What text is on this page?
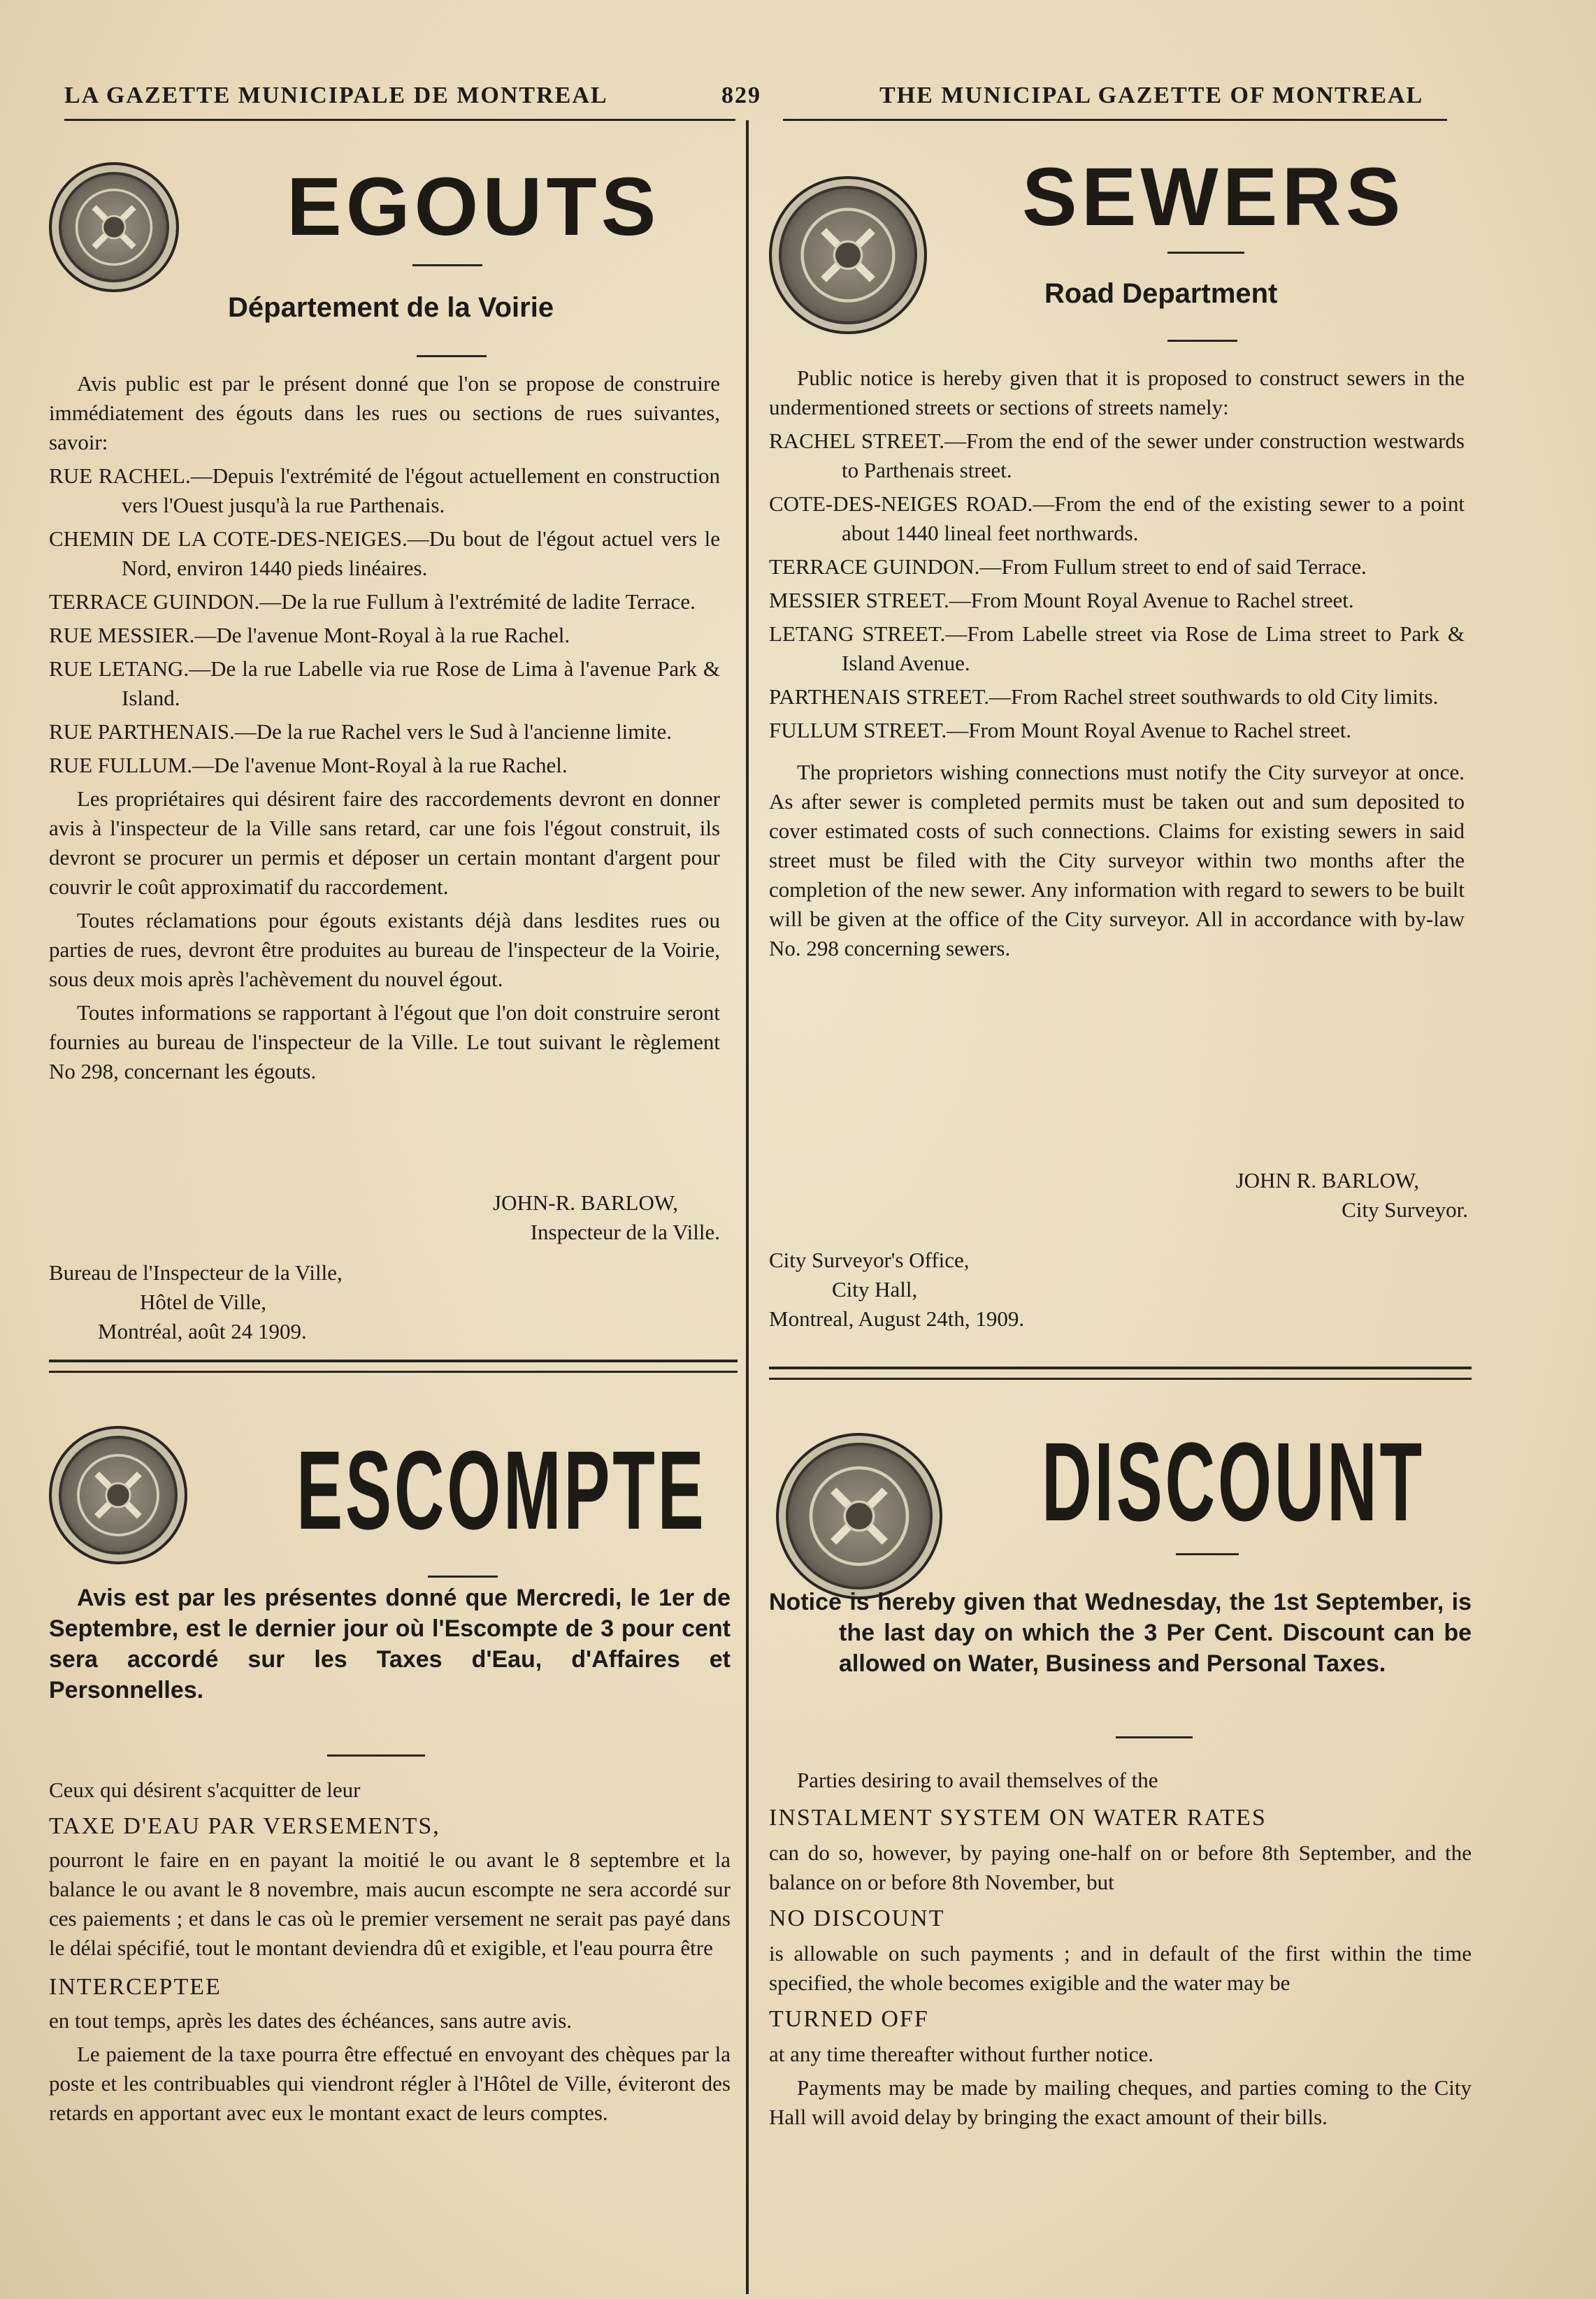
LA GAZETTE MUNICIPALE DE MONTREAL	829	THE MUNICIPAL GAZETTE OF MONTREAL
EGOUTS
Département de la Voirie

Avis public est par le présent donné que l'on se propose de construire immédiatement des égouts dans les rues ou sections de rues suivantes, savoir:

RUE RACHEL.—Depuis l'extrémité de l'égout actuellement en construction vers l'Ouest jusqu'à la rue Parthenais.

CHEMIN DE LA COTE-DES-NEIGES.—Du bout de l'égout actuel vers le Nord, environ 1440 pieds linéaires.

TERRACE GUINDON.—De la rue Fullum à l'extrémité de ladite Terrace.

RUE MESSIER.—De l'avenue Mont-Royal à la rue Rachel.

RUE LETANG.—De la rue Labelle via rue Rose de Lima à l'avenue Park & Island.

RUE PARTHENAIS.—De la rue Rachel vers le Sud à l'ancienne limite.

RUE FULLUM.—De l'avenue Mont-Royal à la rue Rachel.

Les propriétaires qui désirent faire des raccordements devront en donner avis à l'inspecteur de la Ville sans retard, car une fois l'égout construit, ils devront se procurer un permis et déposer un certain montant d'argent pour couvrir le coût approximatif du raccordement.

Toutes réclamations pour égouts existants déjà dans lesdites rues ou parties de rues, devront être produites au bureau de l'inspecteur de la Voirie, sous deux mois après l'achèvement du nouvel égout.

Toutes informations se rapportant à l'égout que l'on doit construire seront fournies au bureau de l'inspecteur de la Ville. Le tout suivant le règlement No 298, concernant les égouts.

JOHN-R. BARLOW,
Inspecteur de la Ville.
Bureau de l'Inspecteur de la Ville,
Hôtel de Ville,
Montréal, août 24 1909.
SEWERS
Road Department

Public notice is hereby given that it is proposed to construct sewers in the undermentioned streets or sections of streets namely:

RACHEL STREET.—From the end of the sewer under construction westwards to Parthenais street.

COTE-DES-NEIGES ROAD.—From the end of the existing sewer to a point about 1440 lineal feet northwards.

TERRACE GUINDON.—From Fullum street to end of said Terrace.

MESSIER STREET.—From Mount Royal Avenue to Rachel street.

LETANG STREET.—From Labelle street via Rose de Lima street to Park & Island Avenue.

PARTHENAIS STREET.—From Rachel street southwards to old City limits.

FULLUM STREET.—From Mount Royal Avenue to Rachel street.

The proprietors wishing connections must notify the City surveyor at once. As after sewer is completed permits must be taken out and sum deposited to cover estimated costs of such connections. Claims for existing sewers in said street must be filed with the City surveyor within two months after the completion of the new sewer. Any information with regard to sewers to be built will be given at the office of the City surveyor. All in accordance with by-law No. 298 concerning sewers.

JOHN R. BARLOW,
City Surveyor.
City Surveyor's Office,
City Hall,
Montreal, August 24th, 1909.
ESCOMPTE

Avis est par les présentes donné que Mercredi, le 1er de Septembre, est le dernier jour où l'Escompte de 3 pour cent sera accordé sur les Taxes d'Eau, d'Affaires et Personnelles.

Ceux qui désirent s'acquitter de leur

TAXE D'EAU PAR VERSEMENTS,

pourront le faire en en payant la moitié le ou avant le 8 septembre et la balance le ou avant le 8 novembre, mais aucun escompte ne sera accordé sur ces paiements ; et dans le cas où le premier versement ne serait pas payé dans le délai spécifié, tout le montant deviendra dû et exigible, et l'eau pourra être

INTERCEPTEE

en tout temps, après les dates des échéances, sans autre avis.

Le paiement de la taxe pourra être effectué en envoyant des chèques par la poste et les contribuables qui viendront régler à l'Hôtel de Ville, éviteront des retards en apportant avec eux le montant exact de leurs comptes.

DISCOUNT

Notice is hereby given that Wednesday, the 1st September, is the last day on which the 3 Per Cent. Discount can be allowed on Water, Business and Personal Taxes.

Parties desiring to avail themselves of the

INSTALMENT SYSTEM ON WATER RATES

can do so, however, by paying one-half on or before 8th September, and the balance on or before 8th November, but

NO DISCOUNT

is allowable on such payments ; and in default of the first within the time specified, the whole becomes exigible and the water may be

TURNED OFF

at any time thereafter without further notice.

Payments may be made by mailing cheques, and parties coming to the City Hall will avoid delay by bringing the exact amount of their bills.
